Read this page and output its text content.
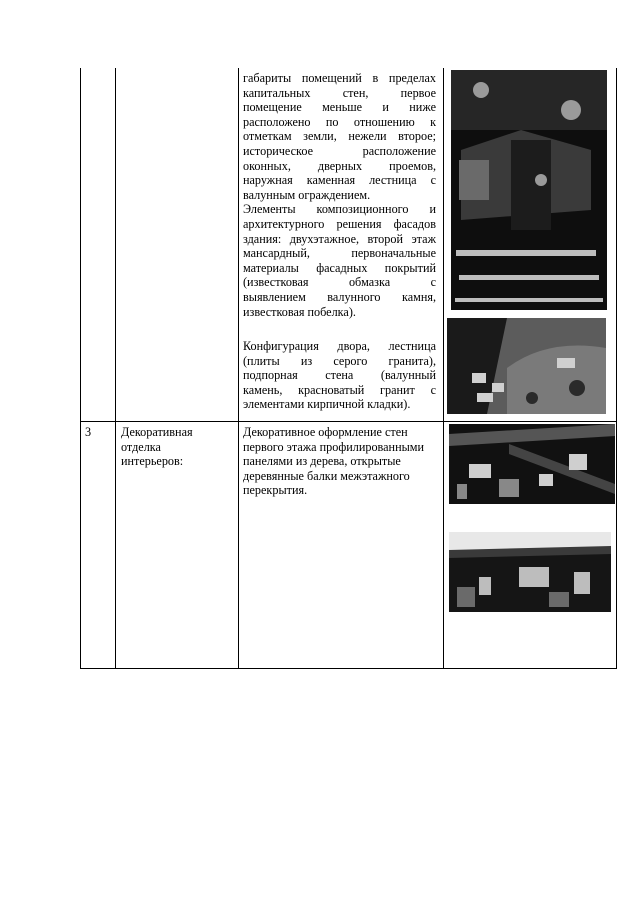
габариты помещений в пределах
капитальных стен, первое
помещение меньше и ниже
расположено по отношению к
отметкам земли, нежели второе;
историческое расположение
оконных, дверных проемов,
наружная каменная лестница с
валунным ограждением.
Элементы композиционного и
архитектурного решения фасадов
здания: двухэтажное, второй этаж
мансардный, первоначальные
материалы фасадных покрытий
(известковая обмазка с
выявлением валунного камня,
известковая побелка).
Конфигурация двора, лестница
(плиты из серого гранита),
подпорная стена (валунный
камень, красноватый гранит с
элементами кирпичной кладки).
3 Декоративная
отделка
интерьеров:
Декоративное оформление стен
первого этажа профилированными
панелями из дерева, открытые
деревянные балки межэтажного
перекрытия.
